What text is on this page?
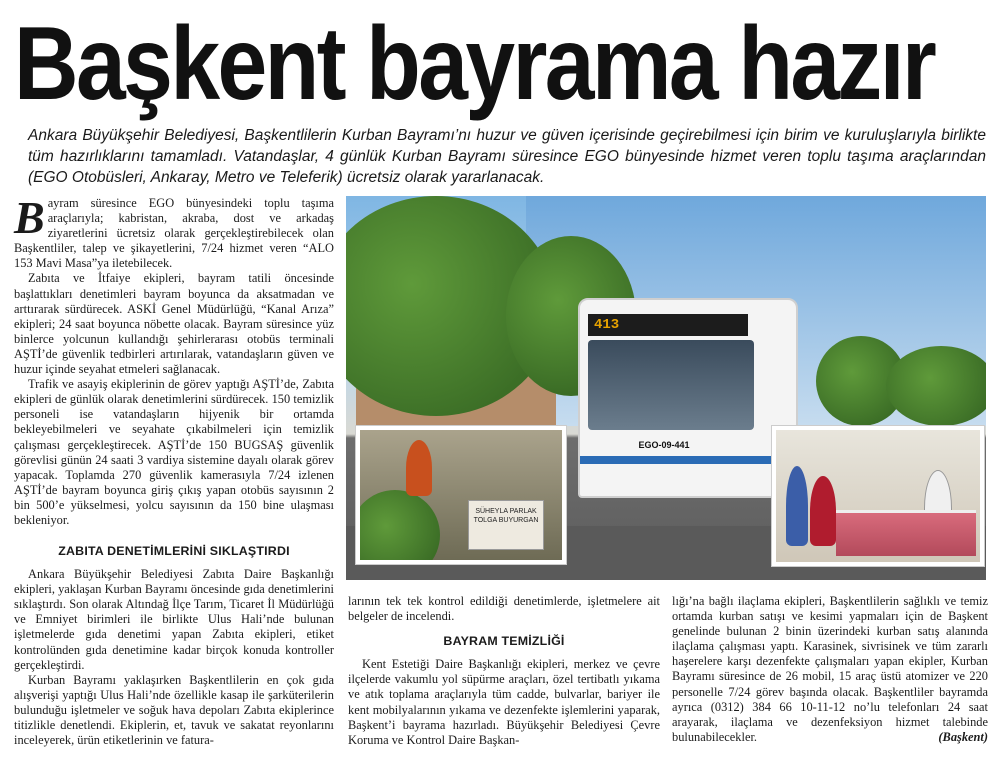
Başkent bayrama hazır
Ankara Büyükşehir Belediyesi, Başkentlilerin Kurban Bayramı’nı huzur ve güven içerisinde geçirebilmesi için birim ve kuruluşlarıyla birlikte tüm hazırlıklarını tamamladı. Vatandaşlar, 4 günlük Kurban Bayramı süresince EGO bünyesinde hizmet veren toplu taşıma araçlarından (EGO Otobüsleri, Ankaray, Metro ve Teleferik) ücretsiz olarak yararlanacak.

Bayram süresince EGO bünyesindeki toplu taşıma araçlarıyla; kabristan, akraba, dost ve arkadaş ziyaretlerini ücretsiz olarak gerçekleştirebilecek olan Başkentliler, talep ve şikayetlerini, 7/24 hizmet veren “ALO 153 Mavi Masa”ya iletebilecek.

Zabıta ve İtfaiye ekipleri, bayram tatili öncesinde başlattıkları denetimleri bayram boyunca da aksatmadan ve arttırarak sürdürecek. ASKİ Genel Müdürlüğü, “Kanal Arıza” ekipleri; 24 saat boyunca nöbette olacak. Bayram süresince yüz binlerce yolcunun kullandığı şehirlerarası otobüs terminali AŞTİ’de güvenlik tedbirleri artırılarak, vatandaşların güven ve huzur içinde seyahat etmeleri sağlanacak.

Trafik ve asayiş ekiplerinin de görev yaptığı AŞTİ’de, Zabıta ekipleri de günlük olarak denetimlerini sürdürecek. 150 temizlik personeli ise vatandaşların hijyenik bir ortamda bekleyebilmeleri ve seyahate çıkabilmeleri için temizlik çalışması gerçekleştirecek. AŞTİ’de 150 BUGSAŞ güvenlik görevlisi günün 24 saati 3 vardiya sistemine dayalı olarak görev yapacak. Toplamda 270 güvenlik kamerasıyla 7/24 izlenen AŞTİ’de bayram boyunca giriş çıkış yapan otobüs sayısının 2 bin 500’e yükselmesi, yolcu sayısının da 150 bine ulaşması bekleniyor.

ZABITA DENETİMLERİNİ SIKLAŞTIRDI

Ankara Büyükşehir Belediyesi Zabıta Daire Başkanlığı ekipleri, yaklaşan Kurban Bayramı öncesinde gıda denetimlerini sıklaştırdı. Son olarak Altındağ İlçe Tarım, Ticaret İl Müdürlüğü ve Emniyet birimleri ile birlikte Ulus Hali’nde bulunan işletmelerde gıda denetimi yapan Zabıta ekipleri, etiket kontrolünden gıda denetimine kadar birçok konuda kontroller gerçekleştirdi.

Kurban Bayramı yaklaşırken Başkentlilerin en çok gıda alışverişi yaptığı Ulus Hali’nde özellikle kasap ile şarküterilerin bulunduğu işletmeler ve soğuk hava depoları Zabıta ekiplerince titizlikle denetlendi. Ekiplerin, et, tavuk ve sakatat reyonlarını inceleyerek, ürün etiketlerinin ve fatura-

413
EGO-09-441
SÜHEYLA PARLAK TOLGA BUYURGAN

larının tek tek kontrol edildiği denetimlerde, işletmelere ait belgeler de incelendi.

BAYRAM TEMİZLİĞİ

Kent Estetiği Daire Başkanlığı ekipleri, merkez ve çevre ilçelerde vakumlu yol süpürme araçları, özel tertibatlı yıkama ve atık toplama araçlarıyla tüm cadde, bulvarlar, bariyer ile kent mobilyalarının yıkama ve dezenfekte işlemlerini yaparak, Başkent’i bayrama hazırladı. Büyükşehir Belediyesi Çevre Koruma ve Kontrol Daire Başkan-

lığı’na bağlı ilaçlama ekipleri, Başkentlilerin sağlıklı ve temiz ortamda kurban satışı ve kesimi yapmaları için de Başkent genelinde bulunan 2 binin üzerindeki kurban satış alanında ilaçlama çalışması yaptı. Karasinek, sivrisinek ve tüm zararlı haşerelere karşı dezenfekte çalışmaları yapan ekipler, Kurban Bayramı süresince de 26 mobil, 15 araç üstü atomizer ve 220 personelle 7/24 görev başında olacak. Başkentliler bayramda ayrıca (0312) 384 66 10-11-12 no’lu telefonları 24 saat arayarak, ilaçlama ve dezenfeksiyon hizmet talebinde bulunabilecekler.	(Başkent)
